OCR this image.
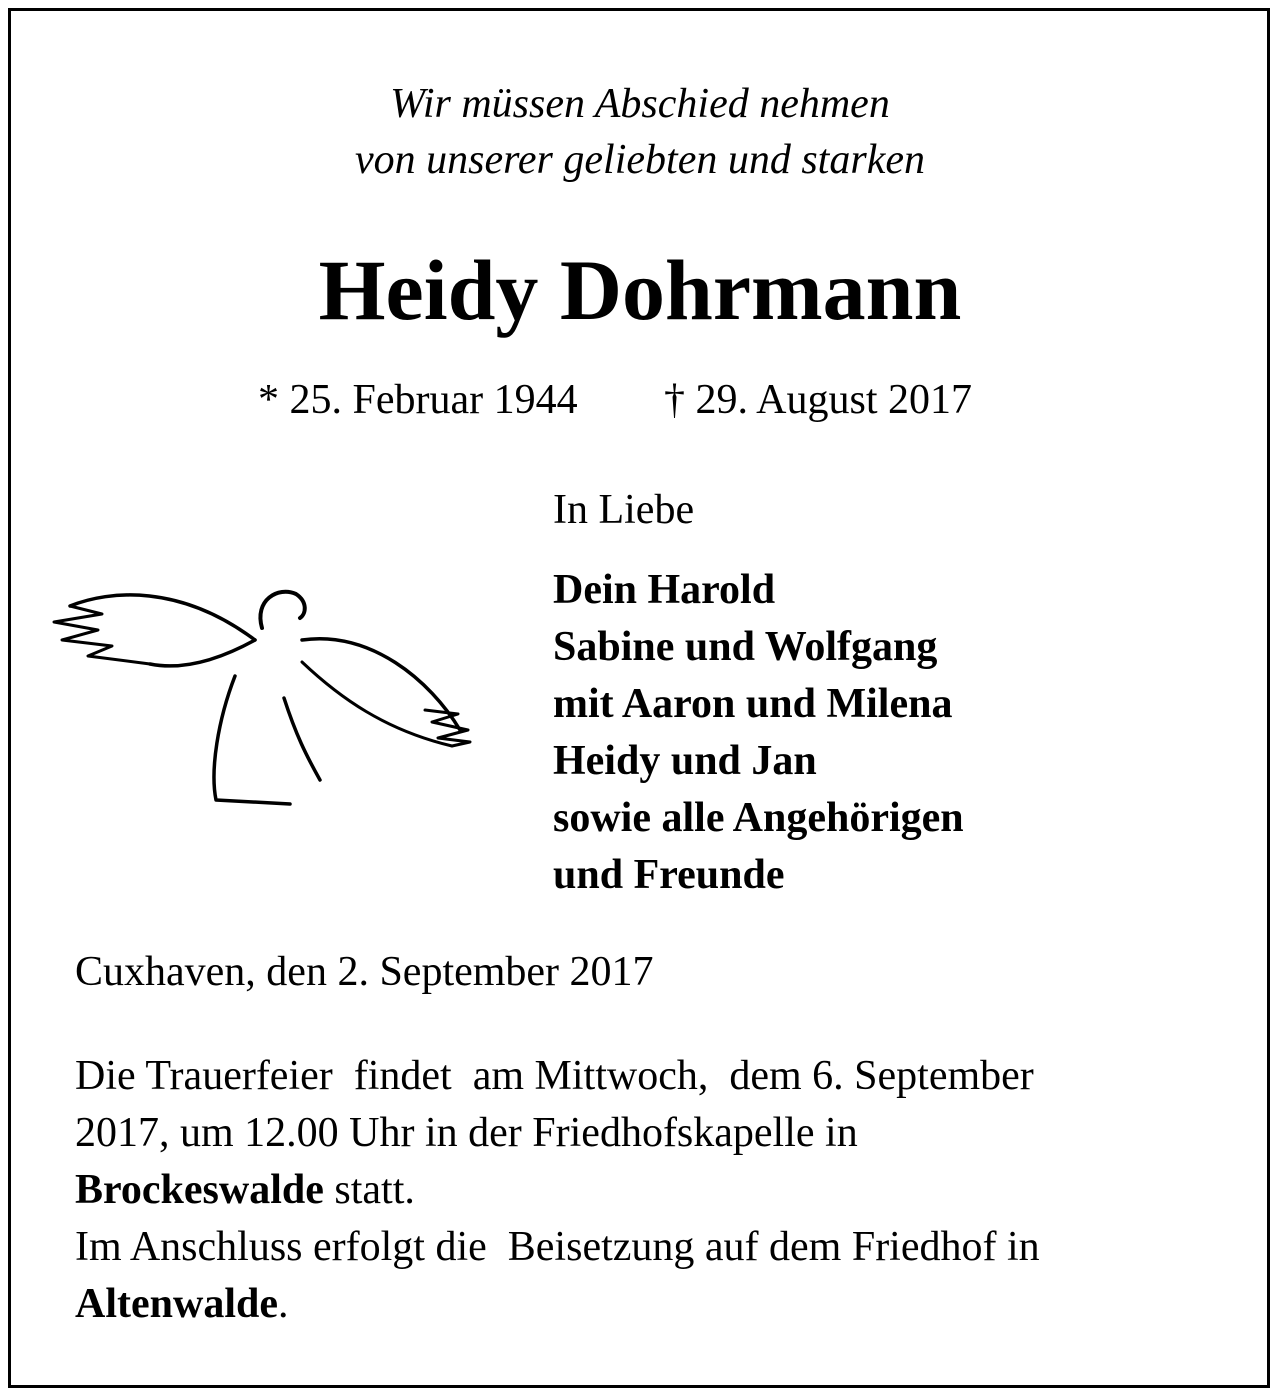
Wir müssen Abschied nehmen
von unserer geliebten und starken
Heidy Dohrmann
* 25. Februar 1944 † 29. August 2017
In Liebe
Dein Harold
Sabine und Wolfgang
mit Aaron und Milena
Heidy und Jan
sowie alle Angehörigen
und Freunde
Cuxhaven, den 2. September 2017
Die Trauerfeier  findet  am Mittwoch,  dem 6. September
2017, um 12.00 Uhr in der Friedhofskapelle in
Brockeswalde statt.
Im Anschluss erfolgt die  Beisetzung auf dem Friedhof in
Altenwalde.
